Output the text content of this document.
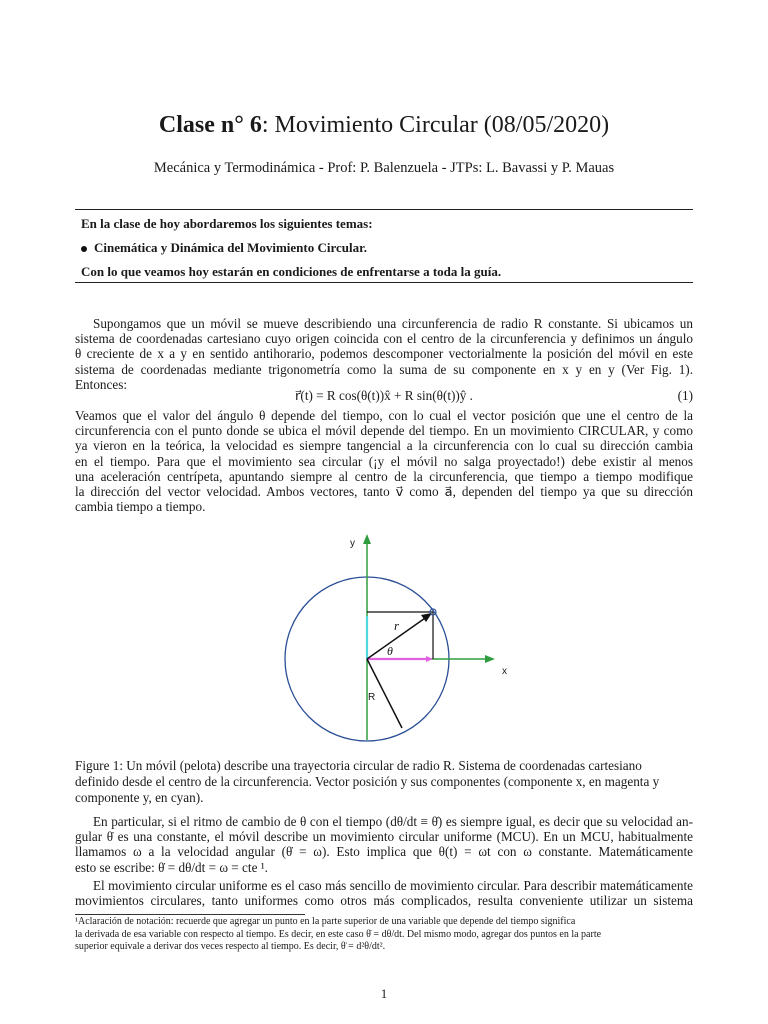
Clase n° 6: Movimiento Circular (08/05/2020)
Mecánica y Termodinámica - Prof: P. Balenzuela - JTPs: L. Bavassi y P. Mauas

En la clase de hoy abordaremos los siguientes temas:

Cinemática y Dinámica del Movimiento Circular.

Con lo que veamos hoy estarán en condiciones de enfrentarse a toda la guía.

Supongamos que un móvil se mueve describiendo una circunferencia de radio R constante. Si ubicamos un
sistema de coordenadas cartesiano cuyo origen coincida con el centro de la circunferencia y definimos un ángulo
θ creciente de x a y en sentido antihorario, podemos descomponer vectorialmente la posición del móvil en este
sistema de coordenadas mediante trigonometría como la suma de su componente en x y en y (Ver Fig. 1).
Entonces:
r⃗(t) = R cos(θ(t))x̂ + R sin(θ(t))ŷ .	(1)
Veamos que el valor del ángulo θ depende del tiempo, con lo cual el vector posición que une el centro de la
circunferencia con el punto donde se ubica el móvil depende del tiempo. En un movimiento CIRCULAR, y como
ya vieron en la teórica, la velocidad es siempre tangencial a la circunferencia con lo cual su dirección cambia
en el tiempo. Para que el movimiento sea circular (¡y el móvil no salga proyectado!) debe existir al menos
una aceleración centrípeta, apuntando siempre al centro de la circunferencia, que tiempo a tiempo modifique
la dirección del vector velocidad. Ambos vectores, tanto v⃗ como a⃗, dependen del tiempo ya que su dirección
cambia tiempo a tiempo.
y
x
r⃗
θ
R
Figure 1: Un móvil (pelota) describe una trayectoria circular de radio R. Sistema de coordenadas cartesiano
definido desde el centro de la circunferencia. Vector posición y sus componentes (componente x, en magenta y
componente y, en cyan).
En particular, si el ritmo de cambio de θ con el tiempo (dθ/dt ≡ θ̇) es siempre igual, es decir que su velocidad an-
gular θ̇ es una constante, el móvil describe un movimiento circular uniforme (MCU). En un MCU, habitualmente
llamamos ω a la velocidad angular (θ̇ = ω). Esto implica que θ(t) = ωt con ω constante. Matemáticamente
esto se escribe: θ̇ = dθ/dt = ω = cte ¹.
El movimiento circular uniforme es el caso más sencillo de movimiento circular. Para describir matemáticamente
movimientos circulares, tanto uniformes como otros más complicados, resulta conveniente utilizar un sistema
¹Aclaración de notación: recuerde que agregar un punto en la parte superior de una variable que depende del tiempo significa
la derivada de esa variable con respecto al tiempo. Es decir, en este caso θ̇ = dθ/dt. Del mismo modo, agregar dos puntos en la parte
superior equivale a derivar dos veces respecto al tiempo. Es decir, θ̈ = d²θ/dt².
1
